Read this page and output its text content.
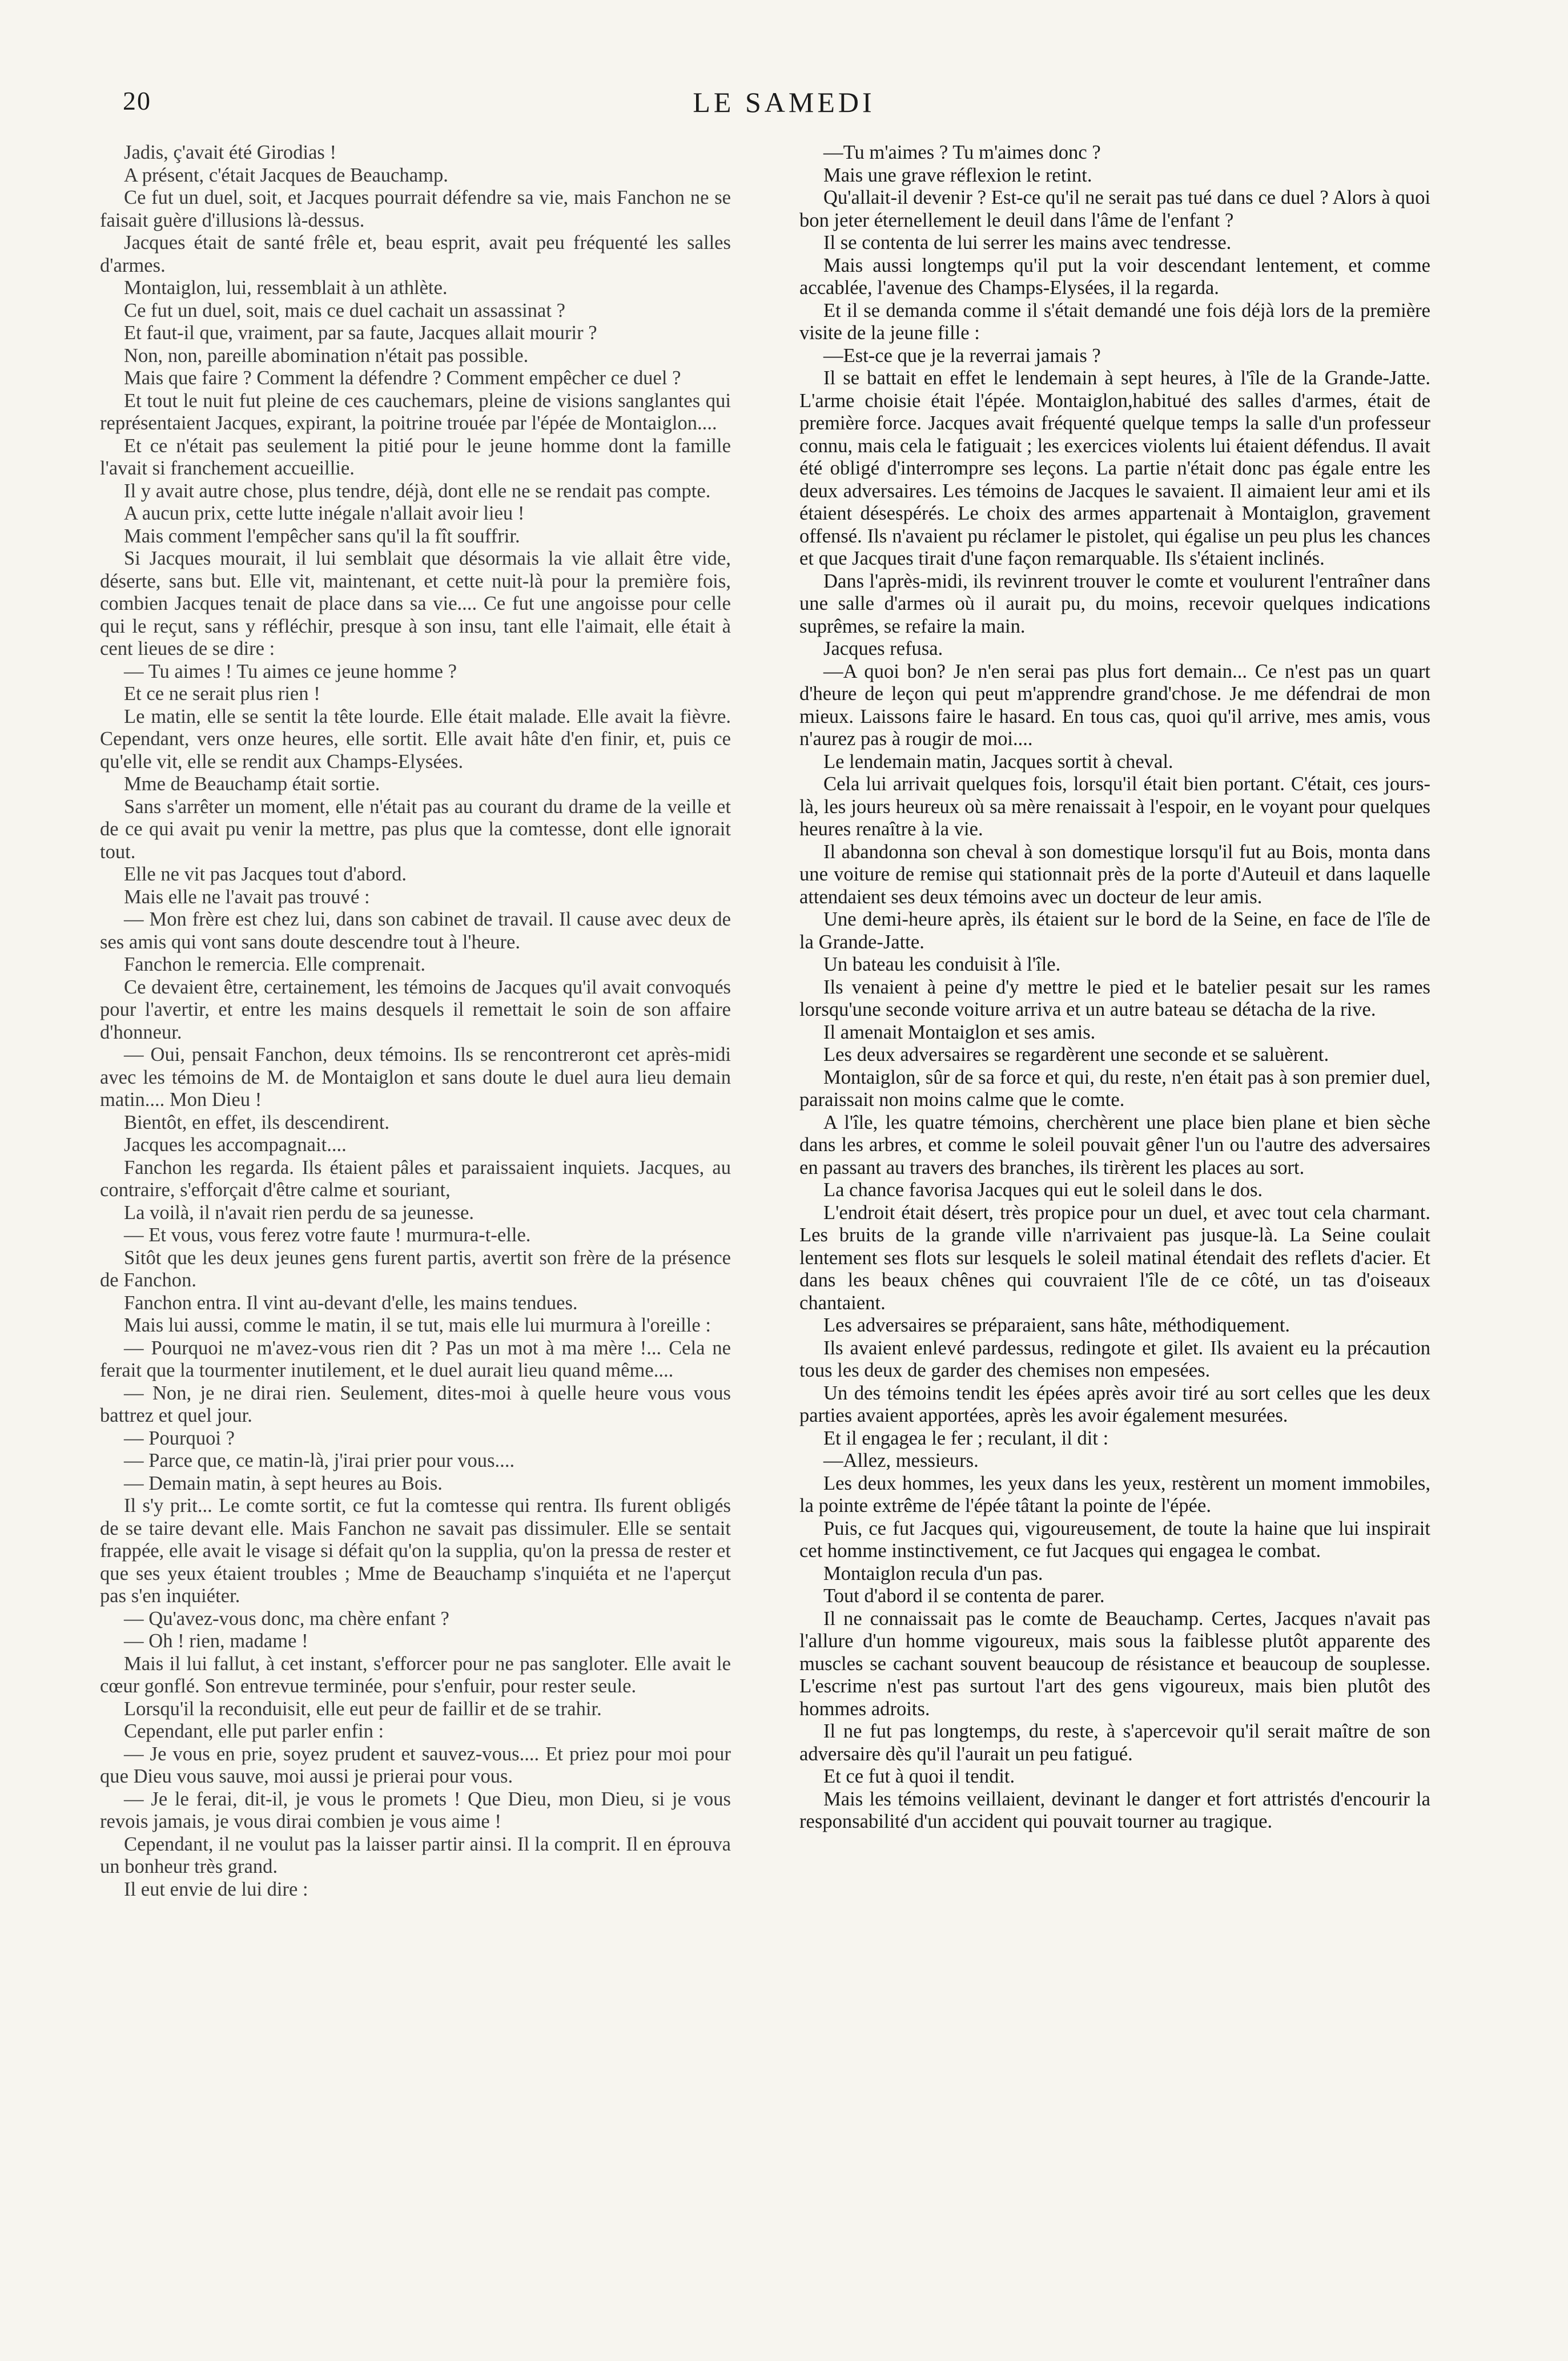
20	LE SAMEDI

Jadis, ç'avait été Girodias !

A présent, c'était Jacques de Beauchamp.

Ce fut un duel, soit, et Jacques pourrait défendre sa vie, mais Fanchon ne se faisait guère d'illusions là-dessus.

Jacques était de santé frêle et, beau esprit, avait peu fréquenté les salles d'armes.

Montaiglon, lui, ressemblait à un athlète.

Ce fut un duel, soit, mais ce duel cachait un assassinat ?

Et faut-il que, vraiment, par sa faute, Jacques allait mourir ?

Non, non, pareille abomination n'était pas possible.

Mais que faire ? Comment la défendre ? Comment empêcher ce duel ?

Et tout le nuit fut pleine de ces cauchemars, pleine de visions sanglantes qui représentaient Jacques, expirant, la poitrine trouée par l'épée de Montaiglon....

Et ce n'était pas seulement la pitié pour le jeune homme dont la famille l'avait si franchement accueillie.

Il y avait autre chose, plus tendre, déjà, dont elle ne se rendait pas compte.

A aucun prix, cette lutte inégale n'allait avoir lieu !

Mais comment l'empêcher sans qu'il la fît souffrir.

Si Jacques mourait, il lui semblait que désormais la vie allait être vide, déserte, sans but. Elle vit, maintenant, et cette nuit-là pour la première fois, combien Jacques tenait de place dans sa vie.... Ce fut une angoisse pour celle qui le reçut, sans y réfléchir, presque à son insu, tant elle l'aimait, elle était à cent lieues de se dire :

— Tu aimes ! Tu aimes ce jeune homme ?

Et ce ne serait plus rien !

Le matin, elle se sentit la tête lourde. Elle était malade. Elle avait la fièvre. Cependant, vers onze heures, elle sortit. Elle avait hâte d'en finir, et, puis ce qu'elle vit, elle se rendit aux Champs-Elysées.

Mme de Beauchamp était sortie.

Sans s'arrêter un moment, elle n'était pas au courant du drame de la veille et de ce qui avait pu venir la mettre, pas plus que la comtesse, dont elle ignorait tout.

Elle ne vit pas Jacques tout d'abord.

Mais elle ne l'avait pas trouvé :

— Mon frère est chez lui, dans son cabinet de travail. Il cause avec deux de ses amis qui vont sans doute descendre tout à l'heure.

Fanchon le remercia. Elle comprenait.

Ce devaient être, certainement, les témoins de Jacques qu'il avait convoqués pour l'avertir, et entre les mains desquels il remettait le soin de son affaire d'honneur.

— Oui, pensait Fanchon, deux témoins. Ils se rencontreront cet après-midi avec les témoins de M. de Montaiglon et sans doute le duel aura lieu demain matin.... Mon Dieu !

Bientôt, en effet, ils descendirent.

Jacques les accompagnait....

Fanchon les regarda. Ils étaient pâles et paraissaient inquiets. Jacques, au contraire, s'efforçait d'être calme et souriant,

La voilà, il n'avait rien perdu de sa jeunesse.

— Et vous, vous ferez votre faute ! murmura-t-elle.

Sitôt que les deux jeunes gens furent partis, avertit son frère de la présence de Fanchon.

Fanchon entra. Il vint au-devant d'elle, les mains tendues.

Mais lui aussi, comme le matin, il se tut, mais elle lui murmura à l'oreille :

— Pourquoi ne m'avez-vous rien dit ? Pas un mot à ma mère !... Cela ne ferait que la tourmenter inutilement, et le duel aurait lieu quand même....

— Non, je ne dirai rien. Seulement, dites-moi à quelle heure vous vous battrez et quel jour.

— Pourquoi ?

— Parce que, ce matin-là, j'irai prier pour vous....

— Demain matin, à sept heures au Bois.

Il s'y prit... Le comte sortit, ce fut la comtesse qui rentra. Ils furent obligés de se taire devant elle. Mais Fanchon ne savait pas dissimuler. Elle se sentait frappée, elle avait le visage si défait qu'on la supplia, qu'on la pressa de rester et que ses yeux étaient troubles ; Mme de Beauchamp s'inquiéta et ne l'aperçut pas s'en inquiéter.

— Qu'avez-vous donc, ma chère enfant ?

— Oh ! rien, madame !

Mais il lui fallut, à cet instant, s'efforcer pour ne pas sangloter. Elle avait le cœur gonflé. Son entrevue terminée, pour s'enfuir, pour rester seule.

Lorsqu'il la reconduisit, elle eut peur de faillir et de se trahir.

Cependant, elle put parler enfin :

— Je vous en prie, soyez prudent et sauvez-vous.... Et priez pour moi pour que Dieu vous sauve, moi aussi je prierai pour vous.

— Je le ferai, dit-il, je vous le promets ! Que Dieu, mon Dieu, si je vous revois jamais, je vous dirai combien je vous aime !

Cependant, il ne voulut pas la laisser partir ainsi. Il la comprit. Il en éprouva un bonheur très grand.

Il eut envie de lui dire :

—Tu m'aimes ? Tu m'aimes donc ?

Mais une grave réflexion le retint.

Qu'allait-il devenir ? Est-ce qu'il ne serait pas tué dans ce duel ? Alors à quoi bon jeter éternellement le deuil dans l'âme de l'enfant ?

Il se contenta de lui serrer les mains avec tendresse.

Mais aussi longtemps qu'il put la voir descendant lentement, et comme accablée, l'avenue des Champs-Elysées, il la regarda.

Et il se demanda comme il s'était demandé une fois déjà lors de la première visite de la jeune fille :

—Est-ce que je la reverrai jamais ?

Il se battait en effet le lendemain à sept heures, à l'île de la Grande-Jatte. L'arme choisie était l'épée. Montaiglon,habitué des salles d'armes, était de première force. Jacques avait fréquenté quelque temps la salle d'un professeur connu, mais cela le fatiguait ; les exercices violents lui étaient défendus. Il avait été obligé d'interrompre ses leçons. La partie n'était donc pas égale entre les deux adversaires. Les témoins de Jacques le savaient. Il aimaient leur ami et ils étaient désespérés. Le choix des armes appartenait à Montaiglon, gravement offensé. Ils n'avaient pu réclamer le pistolet, qui égalise un peu plus les chances et que Jacques tirait d'une façon remarquable. Ils s'étaient inclinés.

Dans l'après-midi, ils revinrent trouver le comte et voulurent l'entraîner dans une salle d'armes où il aurait pu, du moins, recevoir quelques indications suprêmes, se refaire la main.

Jacques refusa.

—A quoi bon? Je n'en serai pas plus fort demain... Ce n'est pas un quart d'heure de leçon qui peut m'apprendre grand'chose. Je me défendrai de mon mieux. Laissons faire le hasard. En tous cas, quoi qu'il arrive, mes amis, vous n'aurez pas à rougir de moi....

Le lendemain matin, Jacques sortit à cheval.

Cela lui arrivait quelques fois, lorsqu'il était bien portant. C'était, ces jours-là, les jours heureux où sa mère renaissait à l'espoir, en le voyant pour quelques heures renaître à la vie.

Il abandonna son cheval à son domestique lorsqu'il fut au Bois, monta dans une voiture de remise qui stationnait près de la porte d'Auteuil et dans laquelle attendaient ses deux témoins avec un docteur de leur amis.

Une demi-heure après, ils étaient sur le bord de la Seine, en face de l'île de la Grande-Jatte.

Un bateau les conduisit à l'île.

Ils venaient à peine d'y mettre le pied et le batelier pesait sur les rames lorsqu'une seconde voiture arriva et un autre bateau se détacha de la rive.

Il amenait Montaiglon et ses amis.

Les deux adversaires se regardèrent une seconde et se saluèrent.

Montaiglon, sûr de sa force et qui, du reste, n'en était pas à son premier duel, paraissait non moins calme que le comte.

A l'île, les quatre témoins, cherchèrent une place bien plane et bien sèche dans les arbres, et comme le soleil pouvait gêner l'un ou l'autre des adversaires en passant au travers des branches, ils tirèrent les places au sort.

La chance favorisa Jacques qui eut le soleil dans le dos.

L'endroit était désert, très propice pour un duel, et avec tout cela charmant. Les bruits de la grande ville n'arrivaient pas jusque-là. La Seine coulait lentement ses flots sur lesquels le soleil matinal étendait des reflets d'acier. Et dans les beaux chênes qui couvraient l'île de ce côté, un tas d'oiseaux chantaient.

Les adversaires se préparaient, sans hâte, méthodiquement.

Ils avaient enlevé pardessus, redingote et gilet. Ils avaient eu la précaution tous les deux de garder des chemises non empesées.

Un des témoins tendit les épées après avoir tiré au sort celles que les deux parties avaient apportées, après les avoir également mesurées.

Et il engagea le fer ; reculant, il dit :

—Allez, messieurs.

Les deux hommes, les yeux dans les yeux, restèrent un moment immobiles, la pointe extrême de l'épée tâtant la pointe de l'épée.

Puis, ce fut Jacques qui, vigoureusement, de toute la haine que lui inspirait cet homme instinctivement, ce fut Jacques qui engagea le combat.

Montaiglon recula d'un pas.

Tout d'abord il se contenta de parer.

Il ne connaissait pas le comte de Beauchamp. Certes, Jacques n'avait pas l'allure d'un homme vigoureux, mais sous la faiblesse plutôt apparente des muscles se cachant souvent beaucoup de résistance et beaucoup de souplesse. L'escrime n'est pas surtout l'art des gens vigoureux, mais bien plutôt des hommes adroits.

Il ne fut pas longtemps, du reste, à s'apercevoir qu'il serait maître de son adversaire dès qu'il l'aurait un peu fatigué.

Et ce fut à quoi il tendit.

Mais les témoins veillaient, devinant le danger et fort attristés d'encourir la responsabilité d'un accident qui pouvait tourner au tragique.
